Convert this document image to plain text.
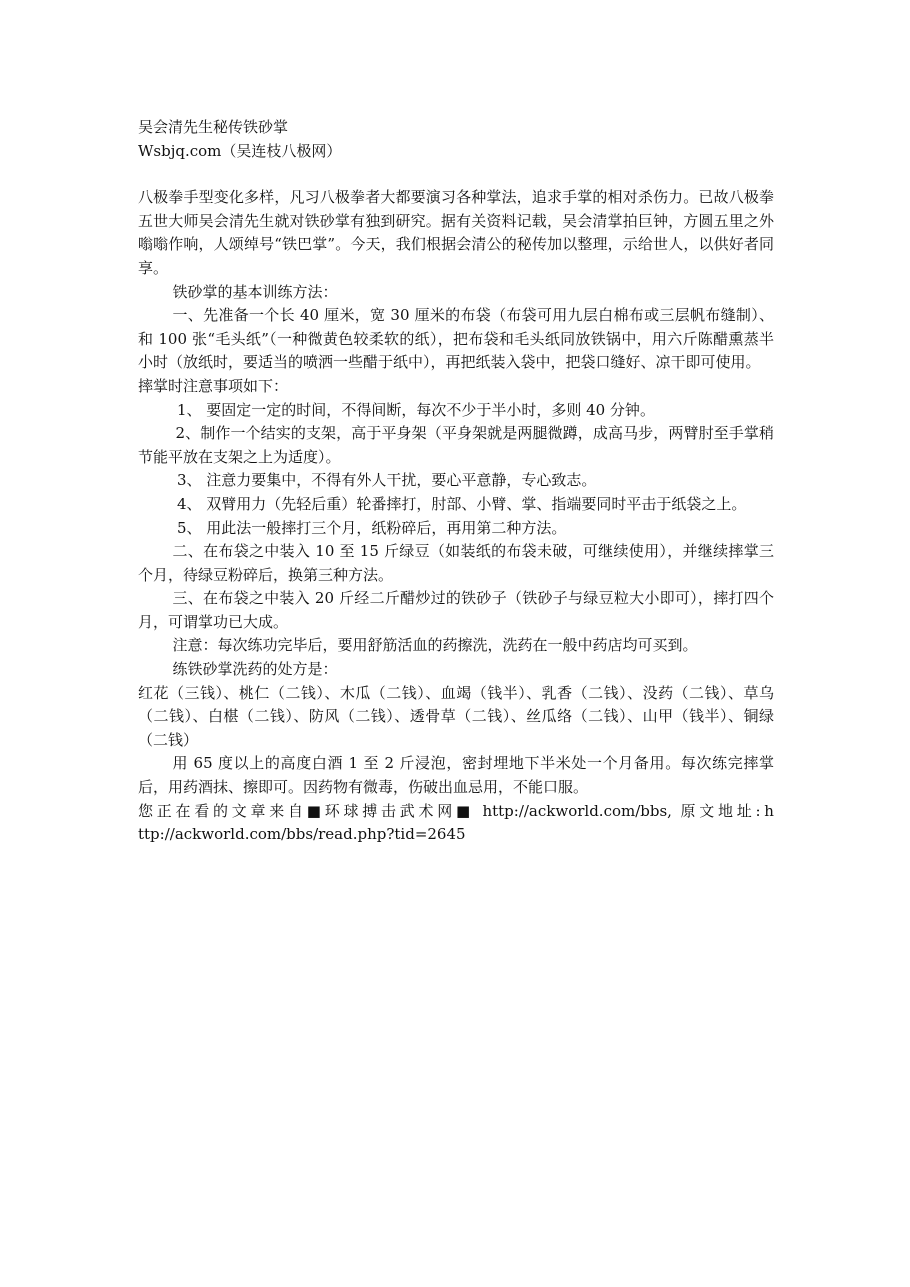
吴会清先生秘传铁砂掌

Wsbjq.com（吴连枝八极网）

八极拳手型变化多样，凡习八极拳者大都要演习各种掌法，追求手掌的相对杀伤力。已故八极拳五世大师吴会清先生就对铁砂掌有独到研究。据有关资料记载，吴会清掌拍巨钟，方圆五里之外嗡嗡作响，人颂绰号“铁巴掌”。今天，我们根据会清公的秘传加以整理，示给世人，以供好者同享。

铁砂掌的基本训练方法：

一、先准备一个长 40 厘米，宽 30 厘米的布袋（布袋可用九层白棉布或三层帆布缝制）、和 100 张“毛头纸”（一种微黄色较柔软的纸），把布袋和毛头纸同放铁锅中，用六斤陈醋熏蒸半小时（放纸时，要适当的喷洒一些醋于纸中），再把纸装入袋中，把袋口缝好、凉干即可使用。

摔掌时注意事项如下：

1、 要固定一定的时间，不得间断，每次不少于半小时，多则 40 分钟。

2、制作一个结实的支架，高于平身架（平身架就是两腿微蹲，成高马步，两臂肘至手掌稍节能平放在支架之上为适度）。

3、 注意力要集中，不得有外人干扰，要心平意静，专心致志。

4、 双臂用力（先轻后重）轮番摔打，肘部、小臂、掌、指端要同时平击于纸袋之上。

5、 用此法一般摔打三个月，纸粉碎后，再用第二种方法。

二、在布袋之中装入 10 至 15 斤绿豆（如装纸的布袋未破，可继续使用），并继续摔掌三个月，待绿豆粉碎后，换第三种方法。

三、在布袋之中装入 20 斤经二斤醋炒过的铁砂子（铁砂子与绿豆粒大小即可），摔打四个月，可谓掌功已大成。

注意：每次练功完毕后，要用舒筋活血的药擦洗，洗药在一般中药店均可买到。

练铁砂掌洗药的处方是：

红花（三钱）、桃仁（二钱）、木瓜（二钱）、血竭（钱半）、乳香（二钱）、没药（二钱）、草乌（二钱）、白椹（二钱）、防风（二钱）、透骨草（二钱）、丝瓜络（二钱）、山甲（钱半）、铜绿（二钱）

用 65 度以上的高度白酒 1 至 2 斤浸泡，密封埋地下半米处一个月备用。每次练完摔掌后，用药酒抹、擦即可。因药物有微毒，伤破出血忌用，不能口服。

您正在看的文章来自■环球搏击武术网■ http://ackworld.com/bbs, 原文地址:http://ackworld.com/bbs/read.php?tid=2645
